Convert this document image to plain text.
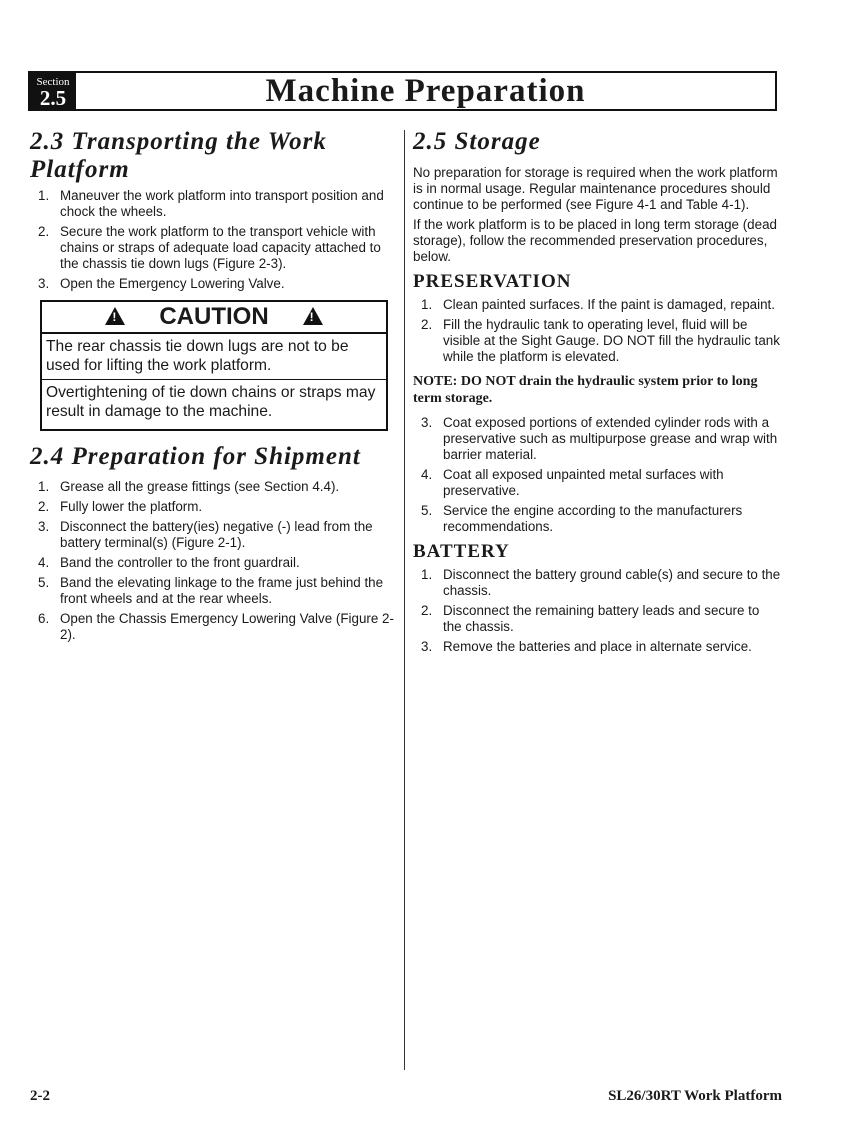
Section
2.5	Machine Preparation
2.3 Transporting the Work Platform
1. Maneuver the work platform into transport position and chock the wheels.
2. Secure the work platform to the transport vehicle with chains or straps of adequate load capacity attached to the chassis tie down lugs (Figure 2-3).
3. Open the Emergency Lowering Valve.
!CAUTION!

The rear chassis tie down lugs are not to be used for lifting the work platform.

Overtightening of tie down chains or straps may result in damage to the machine.

2.4 Preparation for Shipment
1. Grease all the grease fittings (see Section 4.4).
2. Fully lower the platform.
3. Disconnect the battery(ies) negative (-) lead from the battery terminal(s) (Figure 2-1).
4. Band the controller to the front guardrail.
5. Band the elevating linkage to the frame just behind the front wheels and at the rear wheels.
6. Open the Chassis Emergency Lowering Valve (Figure 2-2).
2.5 Storage

No preparation for storage is required when the work platform is in normal usage. Regular maintenance procedures should continue to be performed (see Figure 4-1 and Table 4-1).

If the work platform is to be placed in long term storage (dead storage), follow the recommended preservation procedures, below.

PRESERVATION
1. Clean painted surfaces. If the paint is damaged, repaint.
2. Fill the hydraulic tank to operating level, fluid will be visible at the Sight Gauge. DO NOT fill the hydraulic tank while the platform is elevated.
NOTE: DO NOT drain the hydraulic system prior to long term storage.
3. Coat exposed portions of extended cylinder rods with a preservative such as multipurpose grease and wrap with barrier material.
4. Coat all exposed unpainted metal surfaces with preservative.
5. Service the engine according to the manufacturers recommendations.
BATTERY
1. Disconnect the battery ground cable(s) and secure to the chassis.
2. Disconnect the remaining battery leads and secure to the chassis.
3. Remove the batteries and place in alternate service.
2-2	SL26/30RT Work Platform
